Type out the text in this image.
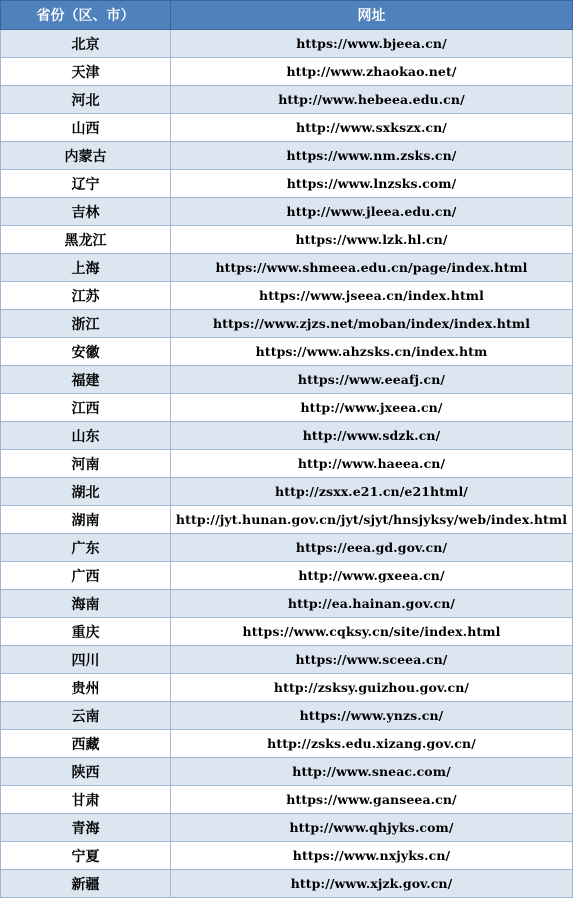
省份（区、市）	网址
北京	https://www.bjeea.cn/
天津	http://www.zhaokao.net/
河北	http://www.hebeea.edu.cn/
山西	http://www.sxkszx.cn/
内蒙古	https://www.nm.zsks.cn/
辽宁	https://www.lnzsks.com/
吉林	http://www.jleea.edu.cn/
黑龙江	https://www.lzk.hl.cn/
上海	https://www.shmeea.edu.cn/page/index.html
江苏	https://www.jseea.cn/index.html
浙江	https://www.zjzs.net/moban/index/index.html
安徽	https://www.ahzsks.cn/index.htm
福建	https://www.eeafj.cn/
江西	http://www.jxeea.cn/
山东	http://www.sdzk.cn/
河南	http://www.haeea.cn/
湖北	http://zsxx.e21.cn/e21html/
湖南	http://jyt.hunan.gov.cn/jyt/sjyt/hnsjyksy/web/index.html
广东	https://eea.gd.gov.cn/
广西	http://www.gxeea.cn/
海南	http://ea.hainan.gov.cn/
重庆	https://www.cqksy.cn/site/index.html
四川	https://www.sceea.cn/
贵州	http://zsksy.guizhou.gov.cn/
云南	https://www.ynzs.cn/
西藏	http://zsks.edu.xizang.gov.cn/
陕西	http://www.sneac.com/
甘肃	https://www.ganseea.cn/
青海	http://www.qhjyks.com/
宁夏	https://www.nxjyks.cn/
新疆	http://www.xjzk.gov.cn/
